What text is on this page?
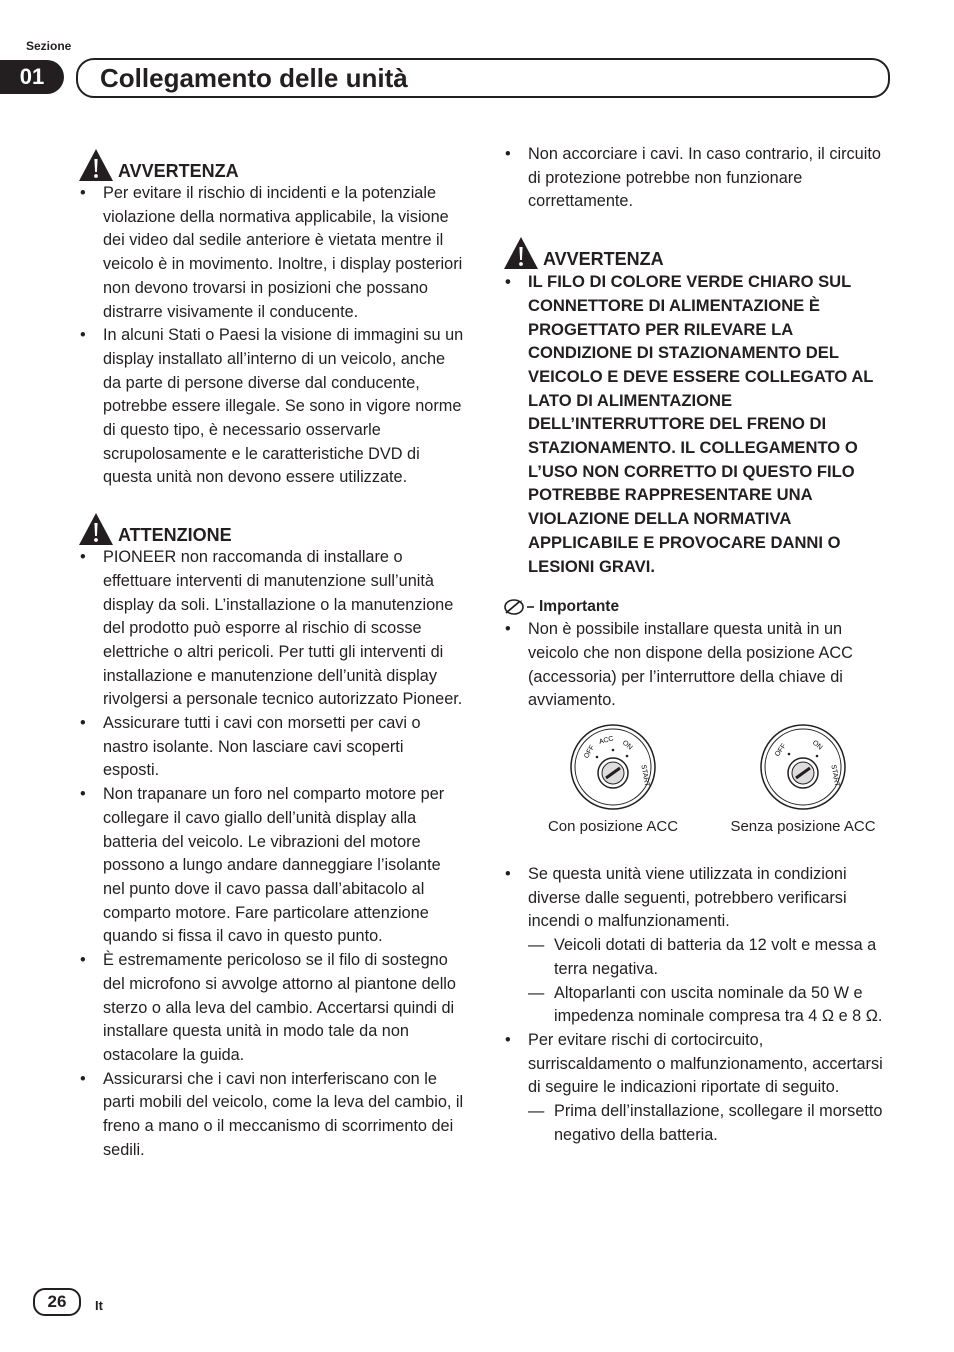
Sezione
01	Collegamento delle unità
AVVERTENZA
• Per evitare il rischio di incidenti e la potenziale violazione della normativa applicabile, la visione dei video dal sedile anteriore è vietata mentre il veicolo è in movimento. Inoltre, i display posteriori non devono trovarsi in posizioni che possano distrarre visivamente il conducente.
• In alcuni Stati o Paesi la visione di immagini su un display installato all’interno di un veicolo, anche da parte di persone diverse dal conducente, potrebbe essere illegale. Se sono in vigore norme di questo tipo, è necessario osservarle scrupolosamente e le caratteristiche DVD di questa unità non devono essere utilizzate.
ATTENZIONE
• PIONEER non raccomanda di installare o effettuare interventi di manutenzione sull’unità display da soli. L’installazione o la manutenzione del prodotto può esporre al rischio di scosse elettriche o altri pericoli. Per tutti gli interventi di installazione e manutenzione dell’unità display rivolgersi a personale tecnico autorizzato Pioneer.
• Assicurare tutti i cavi con morsetti per cavi o nastro isolante. Non lasciare cavi scoperti esposti.
• Non trapanare un foro nel comparto motore per collegare il cavo giallo dell’unità display alla batteria del veicolo. Le vibrazioni del motore possono a lungo andare danneggiare l’isolante nel punto dove il cavo passa dall’abitacolo al comparto motore. Fare particolare attenzione quando si fissa il cavo in questo punto.
• È estremamente pericoloso se il filo di sostegno del microfono si avvolge attorno al piantone dello sterzo o alla leva del cambio. Accertarsi quindi di installare questa unità in modo tale da non ostacolare la guida.
• Assicurarsi che i cavi non interferiscano con le parti mobili del veicolo, come la leva del cambio, il freno a mano o il meccanismo di scorrimento dei sedili.
• Non accorciare i cavi. In caso contrario, il circuito di protezione potrebbe non funzionare correttamente.
AVVERTENZA
• IL FILO DI COLORE VERDE CHIARO SUL CONNETTORE DI ALIMENTAZIONE È PROGETTATO PER RILEVARE LA CONDIZIONE DI STAZIONAMENTO DEL VEICOLO E DEVE ESSERE COLLEGATO AL LATO DI ALIMENTAZIONE DELL’INTERRUTTORE DEL FRENO DI STAZIONAMENTO. IL COLLEGAMENTO O L’USO NON CORRETTO DI QUESTO FILO POTREBBE RAPPRESENTARE UNA VIOLAZIONE DELLA NORMATIVA APPLICABILE E PROVOCARE DANNI O LESIONI GRAVI.
Importante
• Non è possibile installare questa unità in un veicolo che non dispone della posizione ACC (accessoria) per l’interruttore della chiave di avviamento.
OFF
ACC ON
START
Con posizione ACC
OFF	ON
START
Senza posizione ACC
• Se questa unità viene utilizzata in condizioni diverse dalle seguenti, potrebbero verificarsi incendi o malfunzionamenti.
— Veicoli dotati di batteria da 12 volt e messa a terra negativa.
— Altoparlanti con uscita nominale da 50 W e impedenza nominale compresa tra 4 Ω e 8 Ω.
• Per evitare rischi di cortocircuito, surriscaldamento o malfunzionamento, accertarsi di seguire le indicazioni riportate di seguito.
— Prima dell’installazione, scollegare il morsetto negativo della batteria.
26	It
